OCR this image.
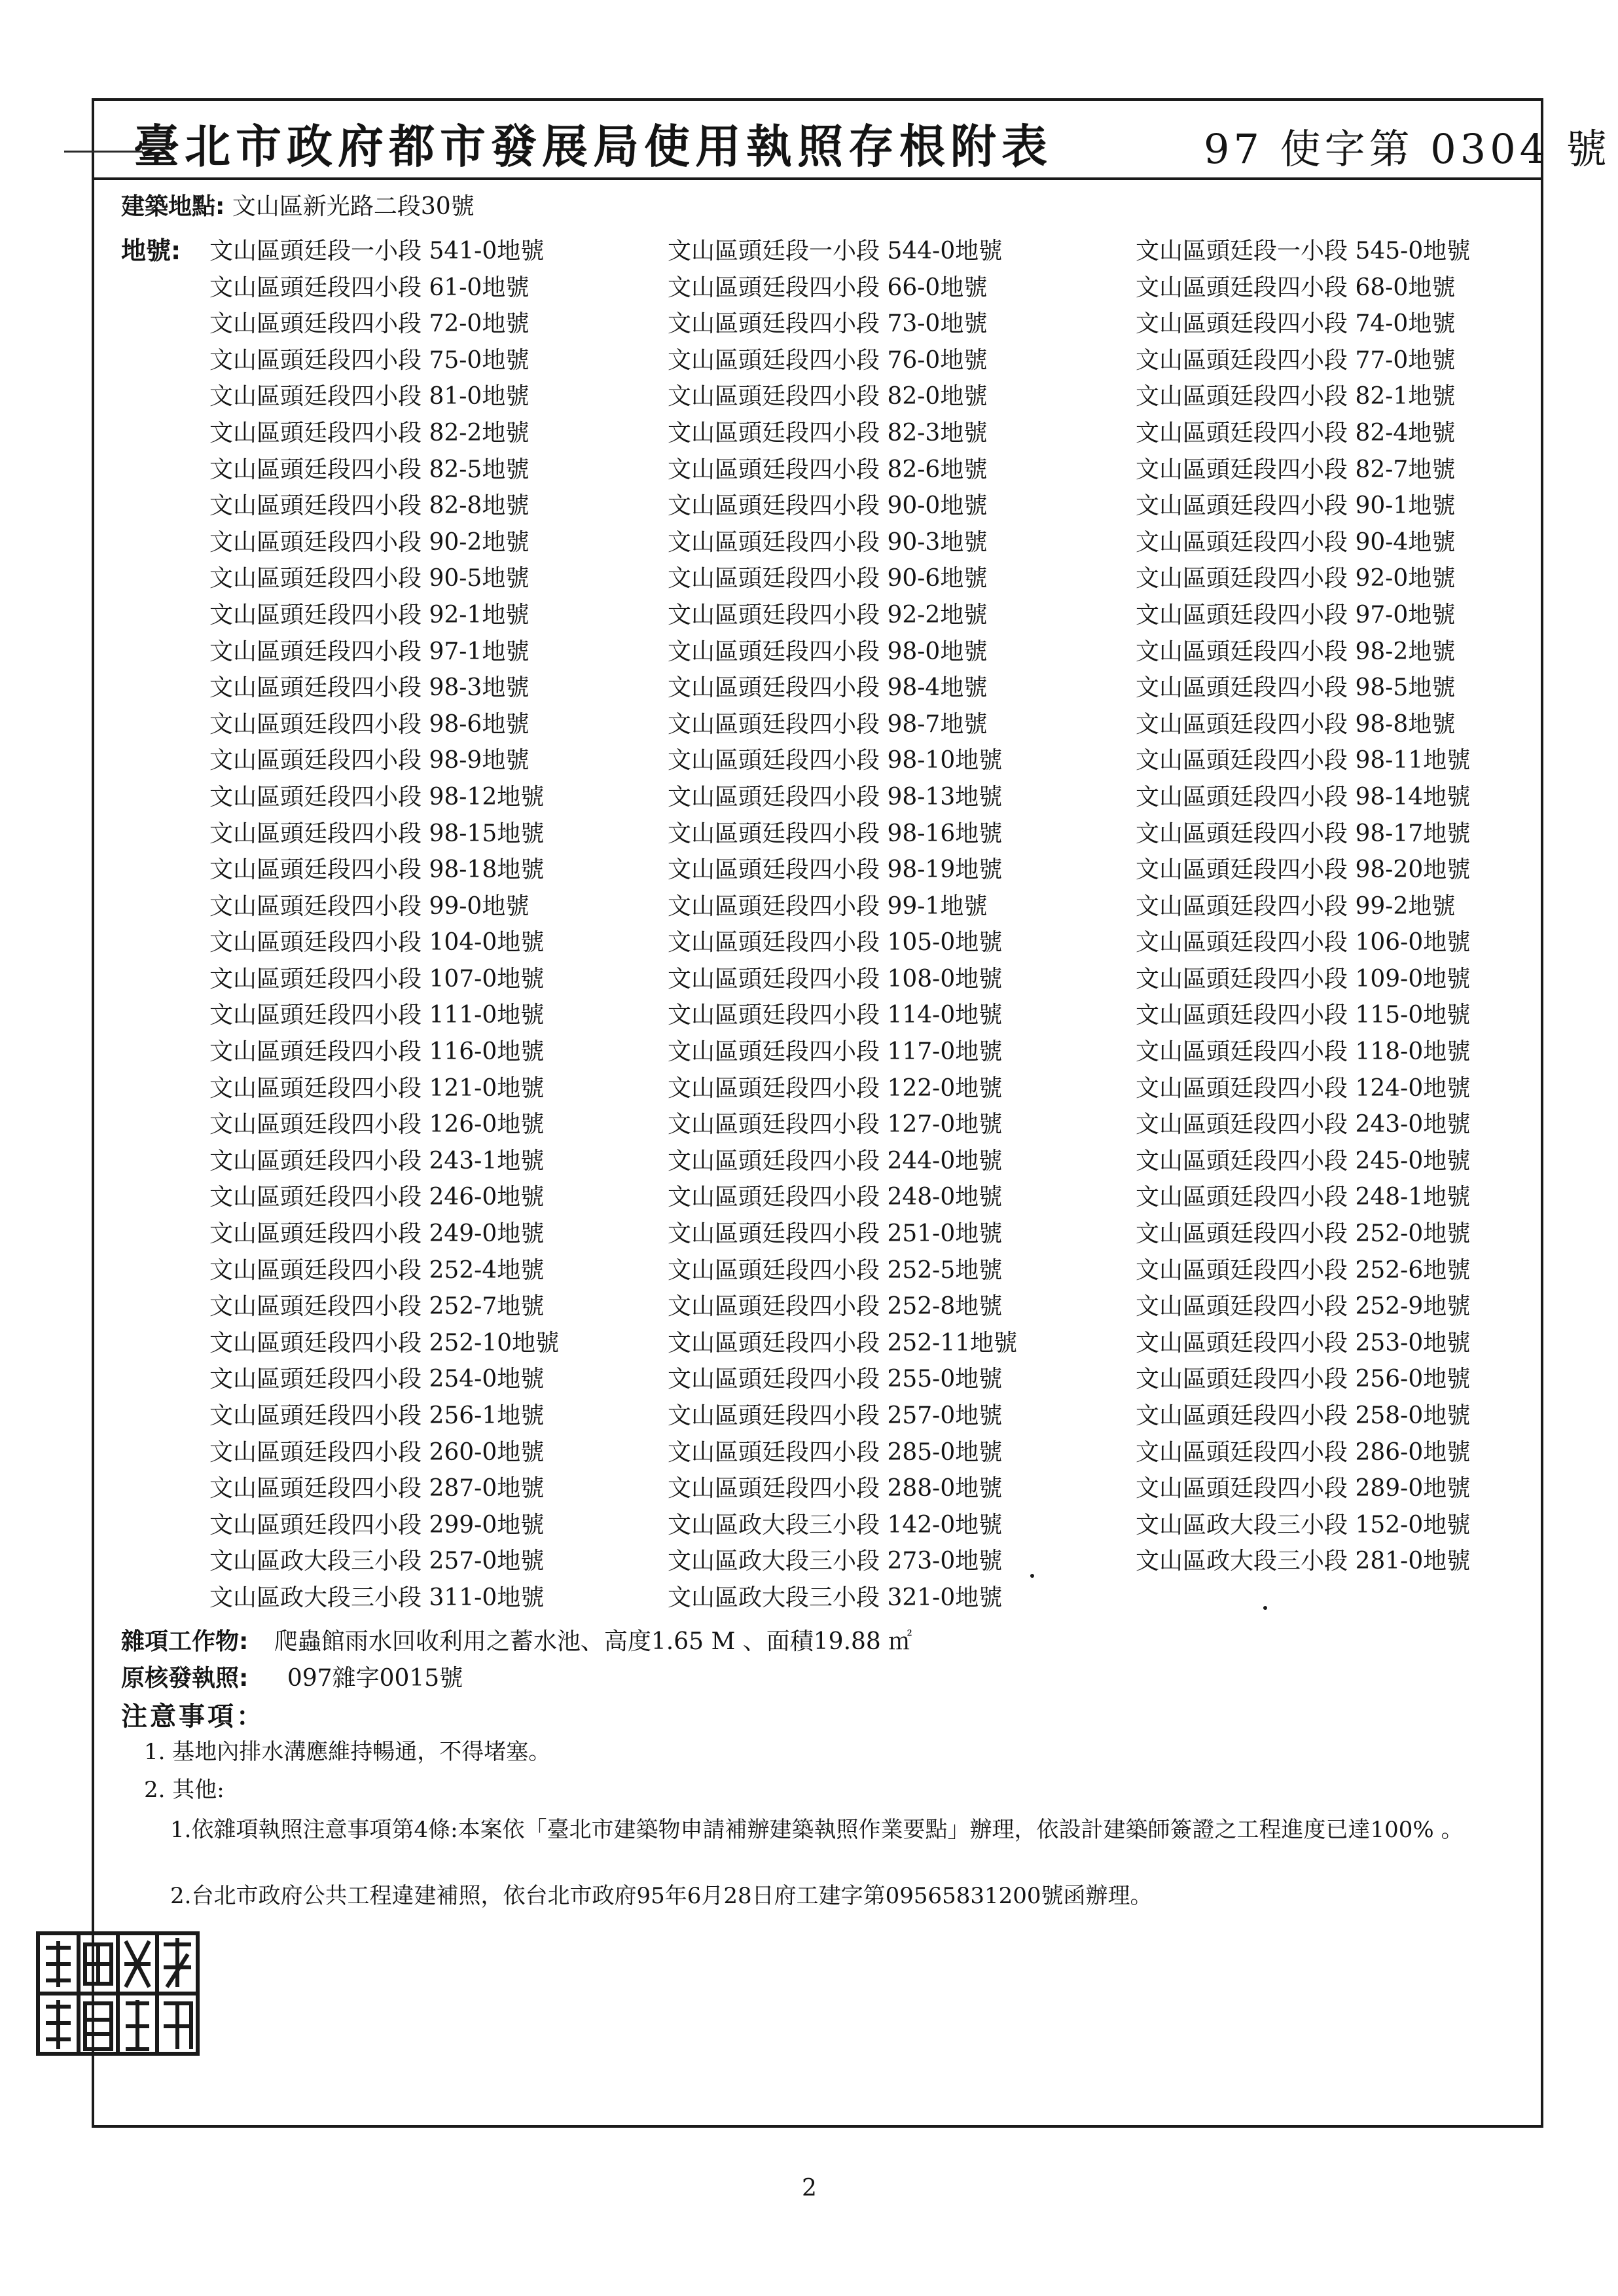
臺北市政府都市發展局使用執照存根附表	97 使字第 0304 號
建築地點: 文山區新光路二段30號
地號: 文山區頭廷段一小段 541-0地號
文山區頭廷段四小段 61-0地號
文山區頭廷段四小段 72-0地號
文山區頭廷段四小段 75-0地號
文山區頭廷段四小段 81-0地號
文山區頭廷段四小段 82-2地號
文山區頭廷段四小段 82-5地號
文山區頭廷段四小段 82-8地號
文山區頭廷段四小段 90-2地號
文山區頭廷段四小段 90-5地號
文山區頭廷段四小段 92-1地號
文山區頭廷段四小段 97-1地號
文山區頭廷段四小段 98-3地號
文山區頭廷段四小段 98-6地號
文山區頭廷段四小段 98-9地號
文山區頭廷段四小段 98-12地號
文山區頭廷段四小段 98-15地號
文山區頭廷段四小段 98-18地號
文山區頭廷段四小段 99-0地號
文山區頭廷段四小段 104-0地號
文山區頭廷段四小段 107-0地號
文山區頭廷段四小段 111-0地號
文山區頭廷段四小段 116-0地號
文山區頭廷段四小段 121-0地號
文山區頭廷段四小段 126-0地號
文山區頭廷段四小段 243-1地號
文山區頭廷段四小段 246-0地號
文山區頭廷段四小段 249-0地號
文山區頭廷段四小段 252-4地號
文山區頭廷段四小段 252-7地號
文山區頭廷段四小段 252-10地號
文山區頭廷段四小段 254-0地號
文山區頭廷段四小段 256-1地號
文山區頭廷段四小段 260-0地號
文山區頭廷段四小段 287-0地號
文山區頭廷段四小段 299-0地號
文山區政大段三小段 257-0地號
文山區政大段三小段 311-0地號
文山區頭廷段一小段 544-0地號
文山區頭廷段四小段 66-0地號
文山區頭廷段四小段 73-0地號
文山區頭廷段四小段 76-0地號
文山區頭廷段四小段 82-0地號
文山區頭廷段四小段 82-3地號
文山區頭廷段四小段 82-6地號
文山區頭廷段四小段 90-0地號
文山區頭廷段四小段 90-3地號
文山區頭廷段四小段 90-6地號
文山區頭廷段四小段 92-2地號
文山區頭廷段四小段 98-0地號
文山區頭廷段四小段 98-4地號
文山區頭廷段四小段 98-7地號
文山區頭廷段四小段 98-10地號
文山區頭廷段四小段 98-13地號
文山區頭廷段四小段 98-16地號
文山區頭廷段四小段 98-19地號
文山區頭廷段四小段 99-1地號
文山區頭廷段四小段 105-0地號
文山區頭廷段四小段 108-0地號
文山區頭廷段四小段 114-0地號
文山區頭廷段四小段 117-0地號
文山區頭廷段四小段 122-0地號
文山區頭廷段四小段 127-0地號
文山區頭廷段四小段 244-0地號
文山區頭廷段四小段 248-0地號
文山區頭廷段四小段 251-0地號
文山區頭廷段四小段 252-5地號
文山區頭廷段四小段 252-8地號
文山區頭廷段四小段 252-11地號
文山區頭廷段四小段 255-0地號
文山區頭廷段四小段 257-0地號
文山區頭廷段四小段 285-0地號
文山區頭廷段四小段 288-0地號
文山區政大段三小段 142-0地號
文山區政大段三小段 273-0地號
文山區政大段三小段 321-0地號
文山區頭廷段一小段 545-0地號
文山區頭廷段四小段 68-0地號
文山區頭廷段四小段 74-0地號
文山區頭廷段四小段 77-0地號
文山區頭廷段四小段 82-1地號
文山區頭廷段四小段 82-4地號
文山區頭廷段四小段 82-7地號
文山區頭廷段四小段 90-1地號
文山區頭廷段四小段 90-4地號
文山區頭廷段四小段 92-0地號
文山區頭廷段四小段 97-0地號
文山區頭廷段四小段 98-2地號
文山區頭廷段四小段 98-5地號
文山區頭廷段四小段 98-8地號
文山區頭廷段四小段 98-11地號
文山區頭廷段四小段 98-14地號
文山區頭廷段四小段 98-17地號
文山區頭廷段四小段 98-20地號
文山區頭廷段四小段 99-2地號
文山區頭廷段四小段 106-0地號
文山區頭廷段四小段 109-0地號
文山區頭廷段四小段 115-0地號
文山區頭廷段四小段 118-0地號
文山區頭廷段四小段 124-0地號
文山區頭廷段四小段 243-0地號
文山區頭廷段四小段 245-0地號
文山區頭廷段四小段 248-1地號
文山區頭廷段四小段 252-0地號
文山區頭廷段四小段 252-6地號
文山區頭廷段四小段 252-9地號
文山區頭廷段四小段 253-0地號
文山區頭廷段四小段 256-0地號
文山區頭廷段四小段 258-0地號
文山區頭廷段四小段 286-0地號
文山區頭廷段四小段 289-0地號
文山區政大段三小段 152-0地號
文山區政大段三小段 281-0地號
雜項工作物: 爬蟲館雨水回收利用之蓄水池、高度1.65 M 、面積19.88 ㎡
原核發執照: 097雜字0015號
注意事項：
1. 基地內排水溝應維持暢通，不得堵塞。
2. 其他:
1.依雜項執照注意事項第4條:本案依「臺北市建築物申請補辦建築執照作業要點」辦理，依設計建築師簽證之工程進度已達100% 。
2.台北市政府公共工程違建補照，依台北市政府95年6月28日府工建字第09565831200號函辦理。
2
